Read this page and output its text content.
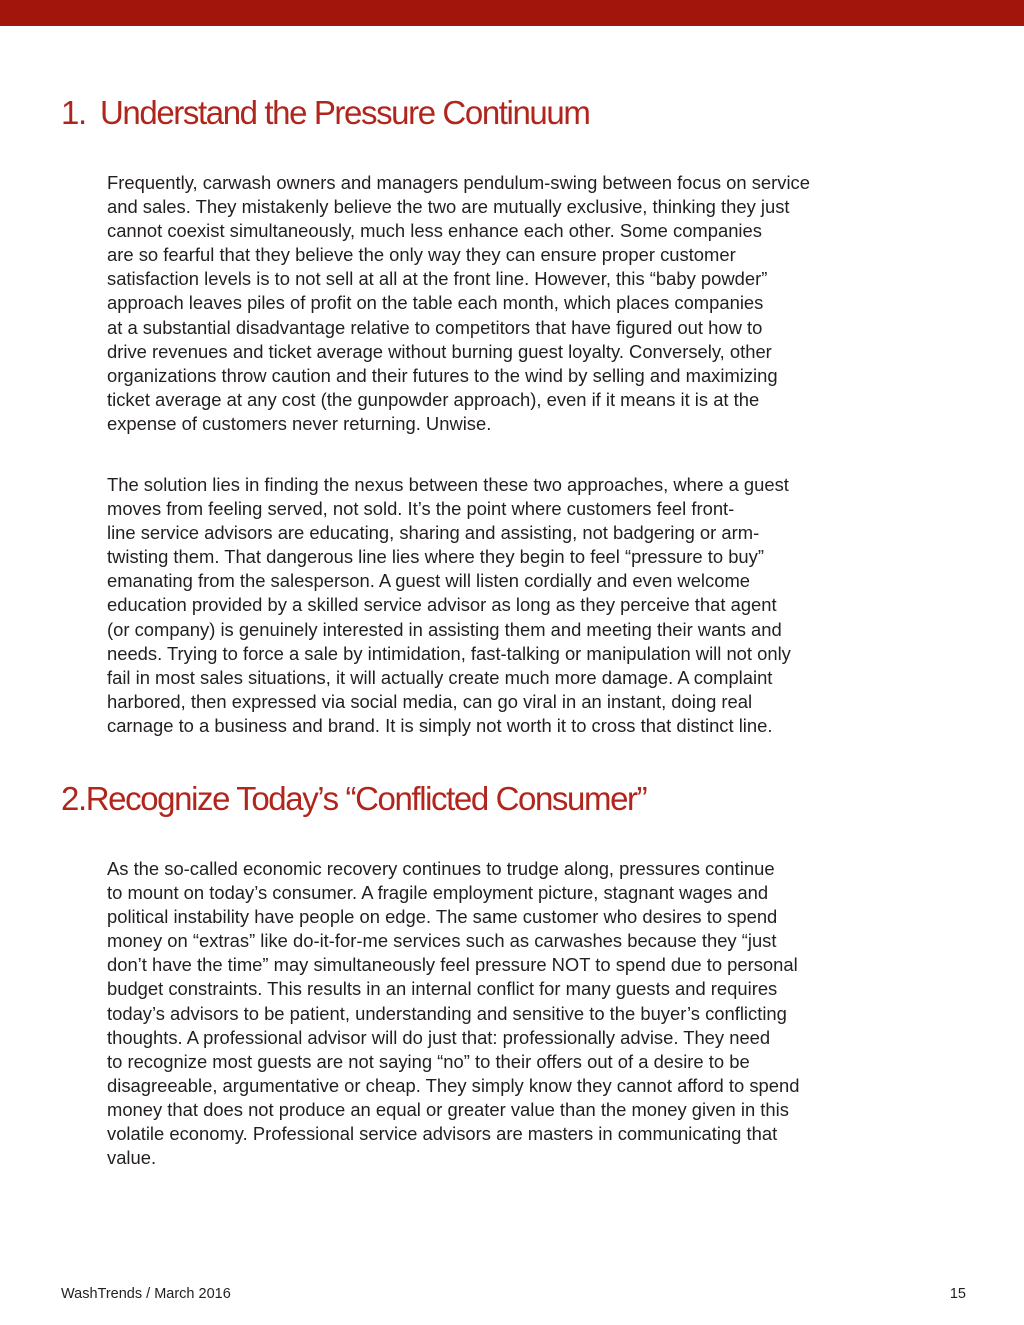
1. Understand the Pressure Continuum

Frequently, carwash owners and managers pendulum-swing between focus on service
and sales. They mistakenly believe the two are mutually exclusive, thinking they just
cannot coexist simultaneously, much less enhance each other. Some companies
are so fearful that they believe the only way they can ensure proper customer
satisfaction levels is to not sell at all at the front line. However, this “baby powder”
approach leaves piles of profit on the table each month, which places companies
at a substantial disadvantage relative to competitors that have figured out how to
drive revenues and ticket average without burning guest loyalty. Conversely, other
organizations throw caution and their futures to the wind by selling and maximizing
ticket average at any cost (the gunpowder approach), even if it means it is at the
expense of customers never returning. Unwise.

The solution lies in finding the nexus between these two approaches, where a guest
moves from feeling served, not sold. It’s the point where customers feel front-
line service advisors are educating, sharing and assisting, not badgering or arm-
twisting them. That dangerous line lies where they begin to feel “pressure to buy”
emanating from the salesperson. A guest will listen cordially and even welcome
education provided by a skilled service advisor as long as they perceive that agent
(or company) is genuinely interested in assisting them and meeting their wants and
needs. Trying to force a sale by intimidation, fast-talking or manipulation will not only
fail in most sales situations, it will actually create much more damage. A complaint
harbored, then expressed via social media, can go viral in an instant, doing real
carnage to a business and brand. It is simply not worth it to cross that distinct line.

2.Recognize Today’s “Conflicted Consumer”

As the so-called economic recovery continues to trudge along, pressures continue
to mount on today’s consumer. A fragile employment picture, stagnant wages and
political instability have people on edge. The same customer who desires to spend
money on “extras” like do-it-for-me services such as carwashes because they “just
don’t have the time” may simultaneously feel pressure NOT to spend due to personal
budget constraints. This results in an internal conflict for many guests and requires
today’s advisors to be patient, understanding and sensitive to the buyer’s conflicting
thoughts. A professional advisor will do just that: professionally advise. They need
to recognize most guests are not saying “no” to their offers out of a desire to be
disagreeable, argumentative or cheap. They simply know they cannot afford to spend
money that does not produce an equal or greater value than the money given in this
volatile economy. Professional service advisors are masters in communicating that
value.

WashTrends / March 2016	15
